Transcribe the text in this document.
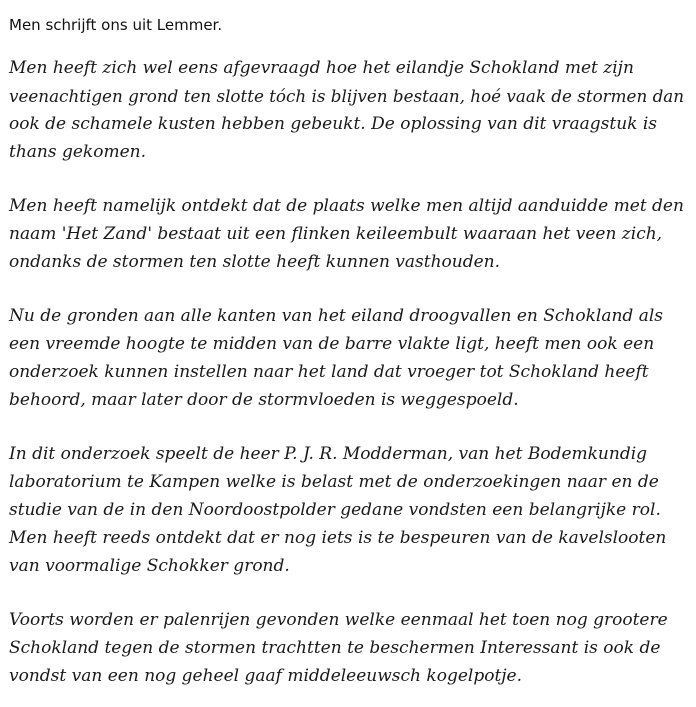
Men schrijft ons uit Lemmer.
Men heeft zich wel eens afgevraagd hoe het eilandje Schokland met zijn
veenachtigen grond ten slotte tóch is blijven bestaan, hoé vaak de stormen dan
ook de schamele kusten hebben gebeukt. De oplossing van dit vraagstuk is
thans gekomen.
Men heeft namelijk ontdekt dat de plaats welke men altijd aanduidde met den
naam 'Het Zand' bestaat uit een flinken keileembult waaraan het veen zich,
ondanks de stormen ten slotte heeft kunnen vasthouden.
Nu de gronden aan alle kanten van het eiland droogvallen en Schokland als
een vreemde hoogte te midden van de barre vlakte ligt, heeft men ook een
onderzoek kunnen instellen naar het land dat vroeger tot Schokland heeft
behoord, maar later door de stormvloeden is weggespoeld.
In dit onderzoek speelt de heer P. J. R. Modderman, van het Bodemkundig
laboratorium te Kampen welke is belast met de onderzoekingen naar en de
studie van de in den Noordoostpolder gedane vondsten een belangrijke rol.
Men heeft reeds ontdekt dat er nog iets is te bespeuren van de kavelslooten
van voormalige Schokker grond.
Voorts worden er palenrijen gevonden welke eenmaal het toen nog grootere
Schokland tegen de stormen trachtten te beschermen Interessant is ook de
vondst van een nog geheel gaaf middeleeuwsch kogelpotje.
